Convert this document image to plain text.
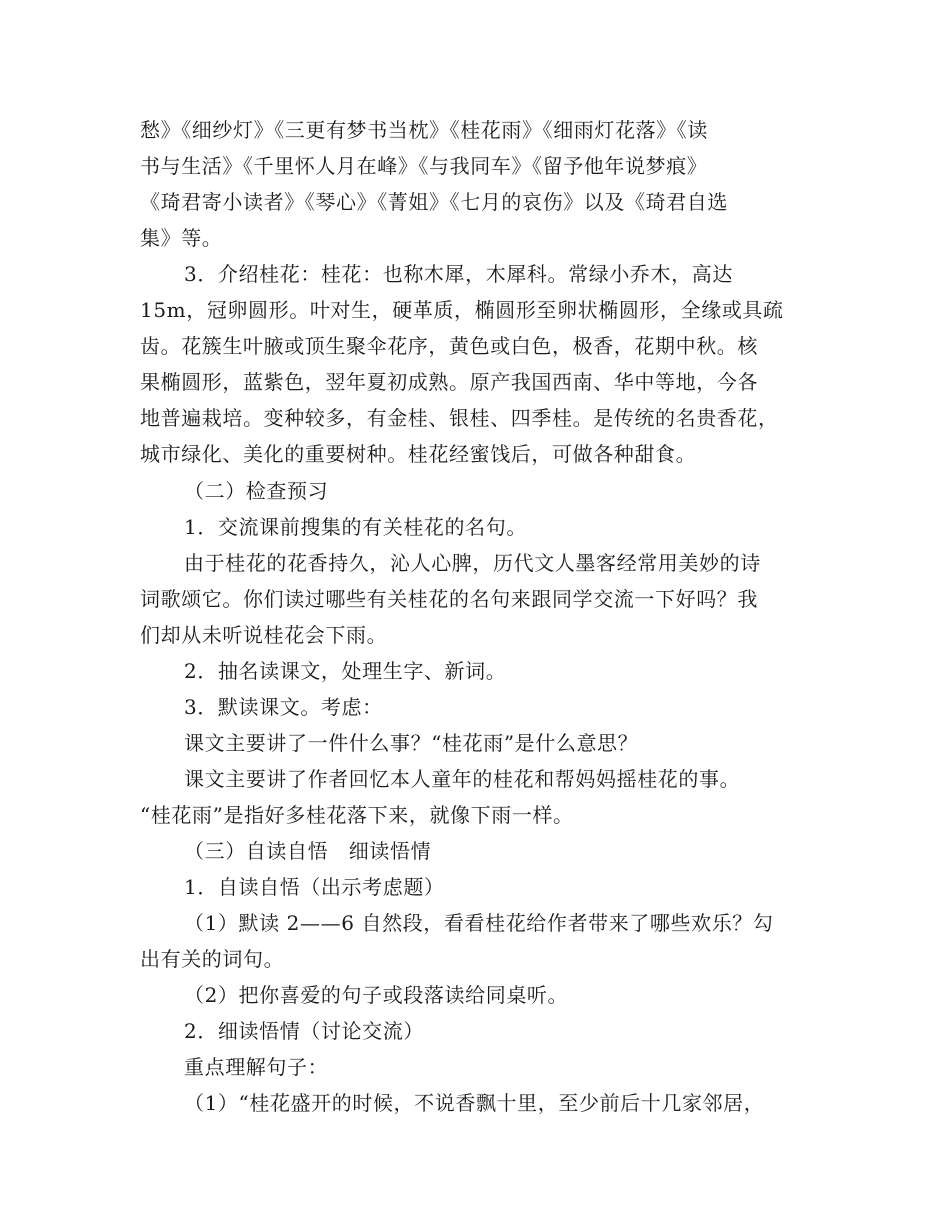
愁》《细纱灯》《三更有梦书当枕》《桂花雨》《细雨灯花落》《读
书与生活》《千里怀人月在峰》《与我同车》《留予他年说梦痕》
《琦君寄小读者》《琴心》《菁姐》《七月的哀伤》以及《琦君自选
集》等。
3．介绍桂花：桂花：也称木犀，木犀科。常绿小乔木，高达
15m，冠卵圆形。叶对生，硬革质，椭圆形至卵状椭圆形，全缘或具疏
齿。花簇生叶腋或顶生聚伞花序，黄色或白色，极香，花期中秋。核
果椭圆形，蓝紫色，翌年夏初成熟。原产我国西南、华中等地，今各
地普遍栽培。变种较多，有金桂、银桂、四季桂。是传统的名贵香花，
城市绿化、美化的重要树种。桂花经蜜饯后，可做各种甜食。
（二）检查预习
1．交流课前搜集的有关桂花的名句。
由于桂花的花香持久，沁人心脾，历代文人墨客经常用美妙的诗
词歌颂它。你们读过哪些有关桂花的名句来跟同学交流一下好吗？我
们却从未听说桂花会下雨。
2．抽名读课文，处理生字、新词。
3．默读课文。考虑：
课文主要讲了一件什么事？“桂花雨”是什么意思？
课文主要讲了作者回忆本人童年的桂花和帮妈妈摇桂花的事。
“桂花雨”是指好多桂花落下来，就像下雨一样。
（三）自读自悟　细读悟情
1．自读自悟（出示考虑题）
（1）默读 2——6 自然段，看看桂花给作者带来了哪些欢乐？勾
出有关的词句。
（2）把你喜爱的句子或段落读给同桌听。
2．细读悟情（讨论交流）
重点理解句子：
（1）“桂花盛开的时候，不说香飘十里，至少前后十几家邻居，
